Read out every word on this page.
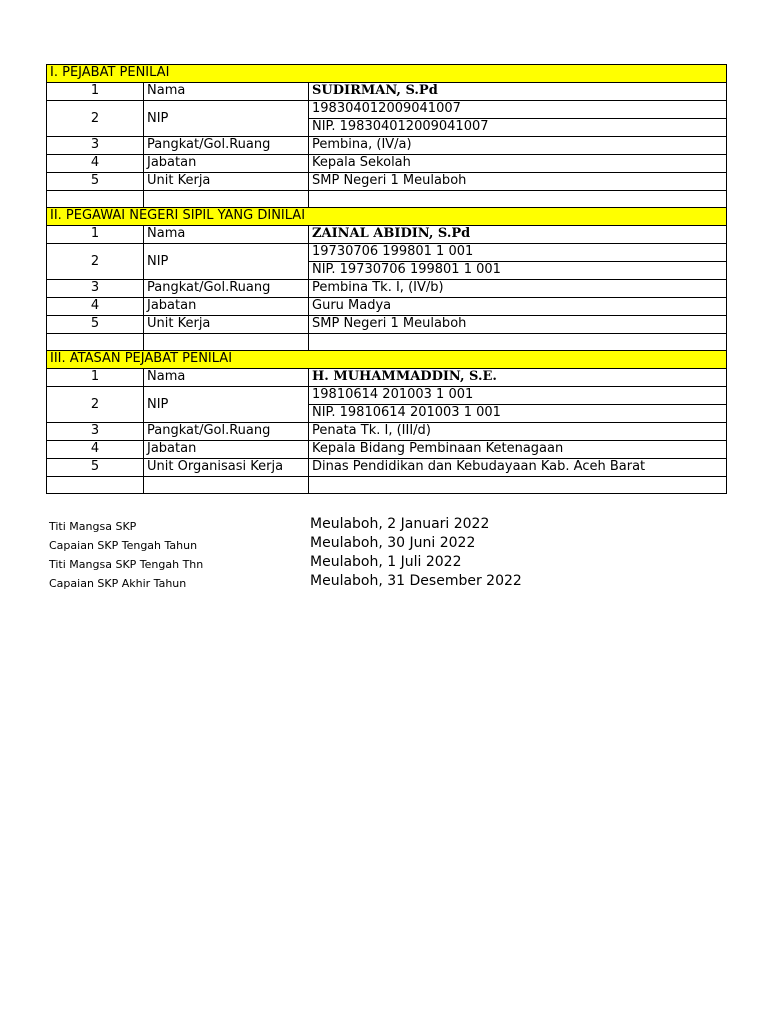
I. PEJABAT PENILAI		
1	Nama	SUDIRMAN, S.Pd
2	NIP	198304012009041007
		NIP. 198304012009041007
3	Pangkat/Gol.Ruang	Pembina, (IV/a)
4	Jabatan	Kepala Sekolah
5	Unit Kerja	SMP Negeri 1 Meulaboh

II. PEGAWAI NEGERI SIPIL YANG DINILAI		
1	Nama	ZAINAL ABIDIN, S.Pd
2	NIP	19730706 199801 1 001
		NIP. 19730706 199801 1 001
3	Pangkat/Gol.Ruang	Pembina Tk. I, (IV/b)
4	Jabatan	Guru Madya
5	Unit Kerja	SMP Negeri 1 Meulaboh

III. ATASAN PEJABAT PENILAI		
1	Nama	H. MUHAMMADDIN, S.E.
2	NIP	19810614 201003 1 001
		NIP. 19810614 201003 1 001
3	Pangkat/Gol.Ruang	Penata Tk. I, (III/d)
4	Jabatan	Kepala Bidang Pembinaan Ketenagaan
5	Unit Organisasi Kerja	Dinas Pendidikan dan Kebudayaan Kab. Aceh Barat

Titi Mangsa SKP	Meulaboh, 2 Januari 2022
Capaian SKP Tengah Tahun	Meulaboh, 30 Juni 2022
Titi Mangsa SKP Tengah Thn	Meulaboh, 1 Juli 2022
Capaian SKP Akhir Tahun	Meulaboh, 31 Desember 2022
